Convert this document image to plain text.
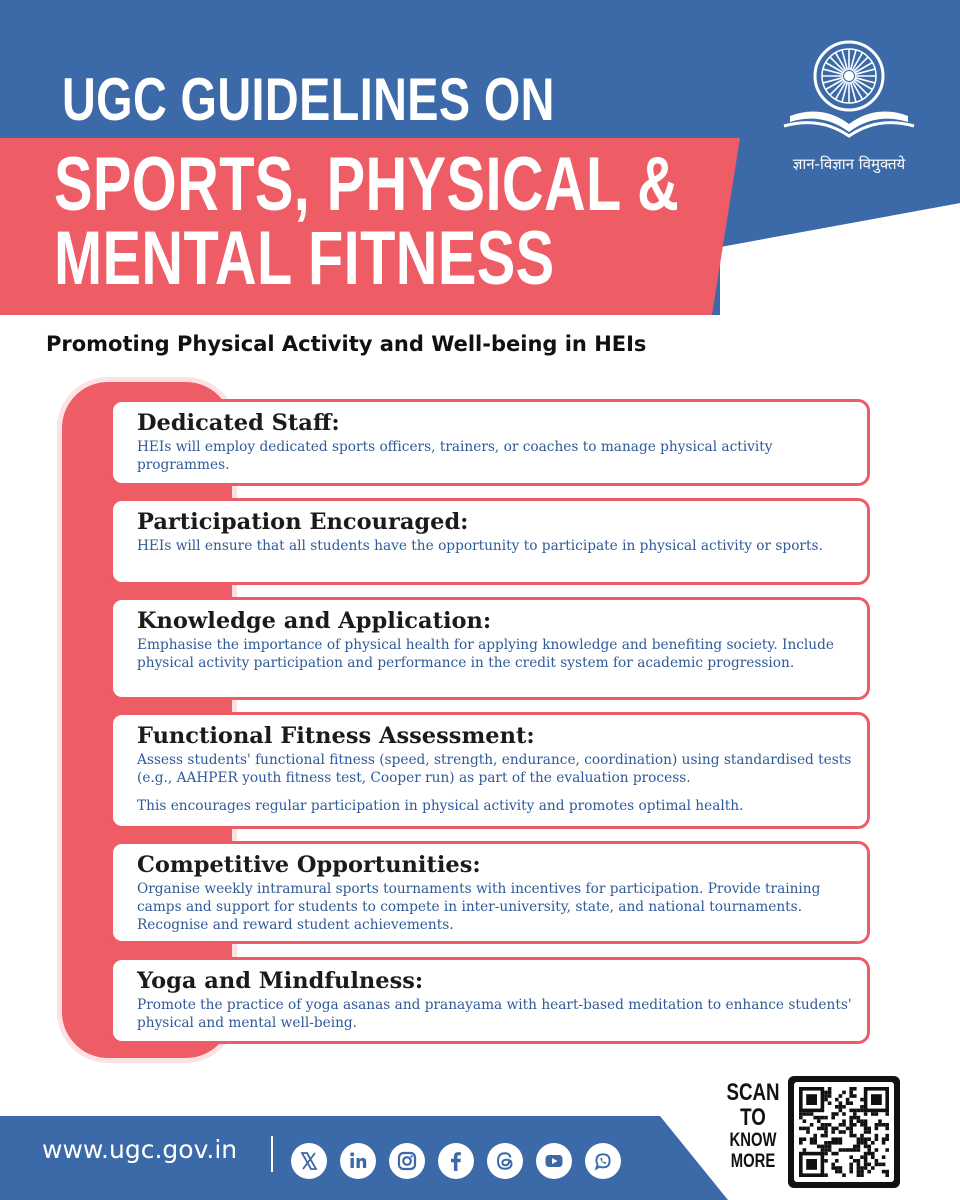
UGC GUIDELINES ON
SPORTS, PHYSICAL &
MENTAL FITNESS
ज्ञान-विज्ञान विमुक्तये
Promoting Physical Activity and Well-being in HEIs
Dedicated Staff:

HEIs will employ dedicated sports officers, trainers, or coaches to manage physical activity programmes.

Participation Encouraged:

HEIs will ensure that all students have the opportunity to participate in physical activity or sports.

Knowledge and Application:

Emphasise the importance of physical health for applying knowledge and benefiting society. Include physical activity participation and performance in the credit system for academic progression.

Functional Fitness Assessment:

Assess students' functional fitness (speed, strength, endurance, coordination) using standardised tests (e.g., AAHPER youth fitness test, Cooper run) as part of the evaluation process.

This encourages regular participation in physical activity and promotes optimal health.

Competitive Opportunities:

Organise weekly intramural sports tournaments with incentives for participation. Provide training camps and support for students to compete in inter-university, state, and national tournaments. Recognise and reward student achievements.

Yoga and Mindfulness:

Promote the practice of yoga asanas and pranayama with heart-based meditation to enhance students' physical and mental well-being.

www.ugc.gov.in
SCAN
TO
KNOW
MORE
